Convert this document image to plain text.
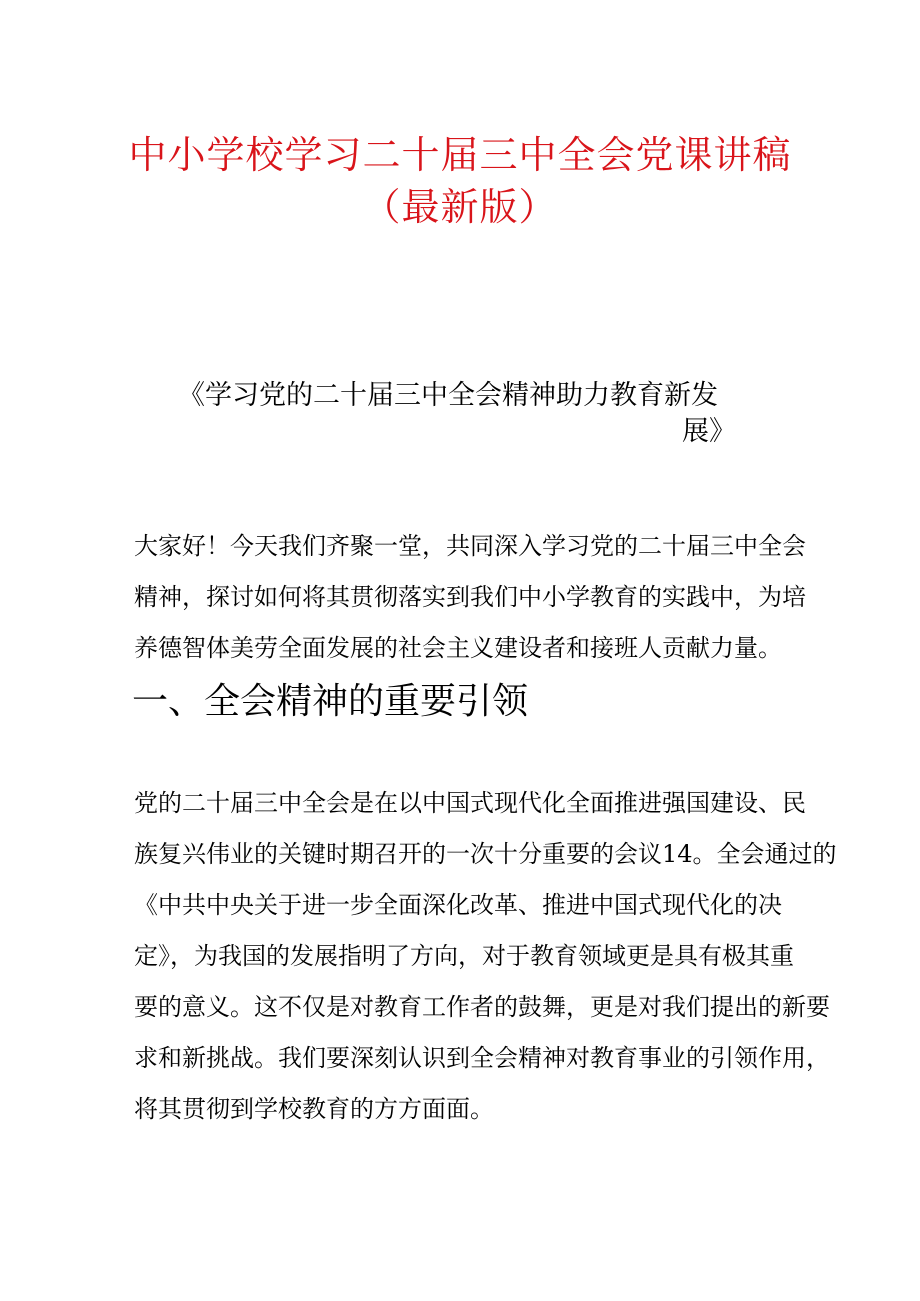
中小学校学习二十届三中全会党课讲稿
（最新版）

《学习党的二十届三中全会精神助力教育新发

展》

大家好！今天我们齐聚一堂，共同深入学习党的二十届三中全会
精神，探讨如何将其贯彻落实到我们中小学教育的实践中，为培
养德智体美劳全面发展的社会主义建设者和接班人贡献力量。
一、全会精神的重要引领
党的二十届三中全会是在以中国式现代化全面推进强国建设、民
族复兴伟业的关键时期召开的一次十分重要的会议14。全会通过的
《中共中央关于进一步全面深化改革、推进中国式现代化的决
定》，为我国的发展指明了方向，对于教育领域更是具有极其重
要的意义。这不仅是对教育工作者的鼓舞，更是对我们提出的新要
求和新挑战。我们要深刻认识到全会精神对教育事业的引领作用，
将其贯彻到学校教育的方方面面。
